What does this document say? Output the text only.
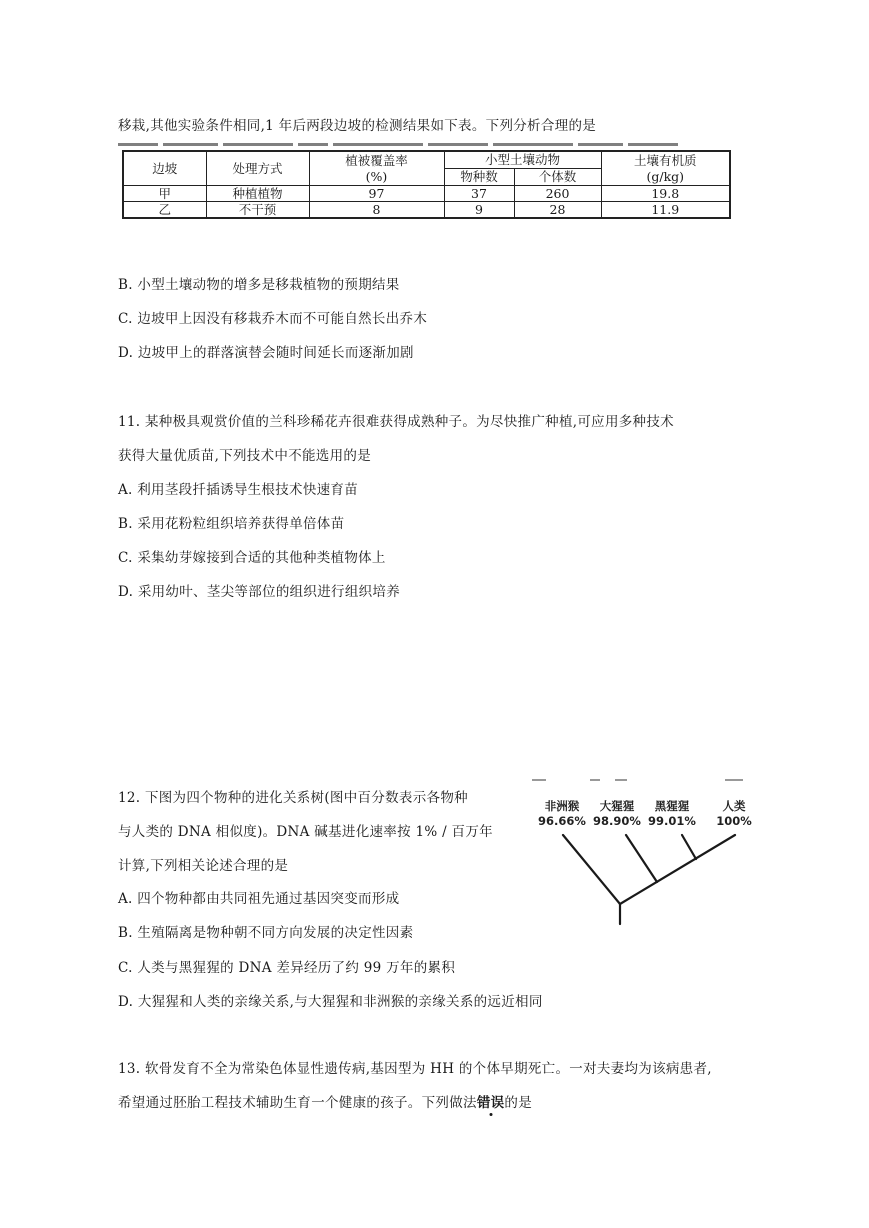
移栽,其他实验条件相同,1 年后两段边坡的检测结果如下表。下列分析合理的是
边坡	处理方式	植被覆盖率	小型土壤动物		土壤有机质
		(%)	物种数	个体数	(g/kg)
甲	种植植物	97	37	260	19.8
乙	不干预	8	9	28	11.9
B. 小型土壤动物的增多是移栽植物的预期结果
C. 边坡甲上因没有移栽乔木而不可能自然长出乔木
D. 边坡甲上的群落演替会随时间延长而逐渐加剧
11. 某种极具观赏价值的兰科珍稀花卉很难获得成熟种子。为尽快推广种植,可应用多种技术
获得大量优质苗,下列技术中不能选用的是
A. 利用茎段扦插诱导生根技术快速育苗
B. 采用花粉粒组织培养获得单倍体苗
C. 采集幼芽嫁接到合适的其他种类植物体上
D. 采用幼叶、茎尖等部位的组织进行组织培养
12. 下图为四个物种的进化关系树(图中百分数表示各物种
与人类的 DNA 相似度)。DNA 碱基进化速率按 1% / 百万年
计算,下列相关论述合理的是
A. 四个物种都由共同祖先通过基因突变而形成
B. 生殖隔离是物种朝不同方向发展的决定性因素
C. 人类与黑猩猩的 DNA 差异经历了约 99 万年的累积
D. 大猩猩和人类的亲缘关系,与大猩猩和非洲猴的亲缘关系的远近相同
非洲猴
96.66%
大猩猩
98.90%
黑猩猩
99.01%
人类
100%
13. 软骨发育不全为常染色体显性遗传病,基因型为 HH 的个体早期死亡。一对夫妻均为该病患者,
希望通过胚胎工程技术辅助生育一个健康的孩子。下列做法错误的是
